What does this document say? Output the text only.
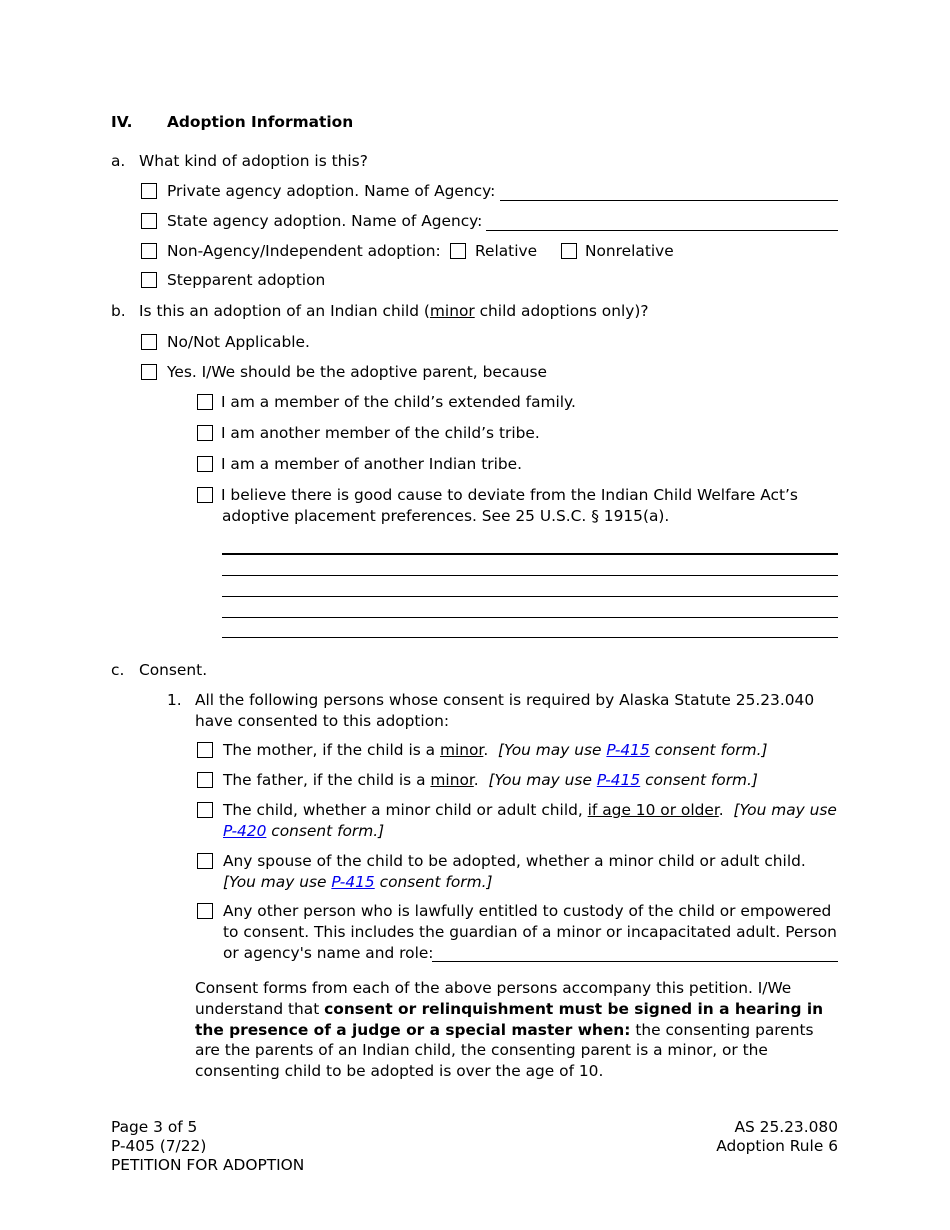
IV. Adoption Information
a. What kind of adoption is this?
Private agency adoption. Name of Agency:
State agency adoption. Name of Agency:
Non-Agency/Independent adoption: Relative	Nonrelative
Stepparent adoption
b. Is this an adoption of an Indian child (minor child adoptions only)?
No/Not Applicable.
Yes. I/We should be the adoptive parent, because
I am a member of the child’s extended family.
I am another member of the child’s tribe.
I am a member of another Indian tribe.
I believe there is good cause to deviate from the Indian Child Welfare Act’s
adoptive placement preferences. See 25 U.S.C. § 1915(a).
c. Consent.
1. All the following persons whose consent is required by Alaska Statute 25.23.040
have consented to this adoption:
The mother, if the child is a minor.  [You may use P-415 consent form.]
The father, if the child is a minor.  [You may use P-415 consent form.]
The child, whether a minor child or adult child, if age 10 or older.  [You may use
P-420 consent form.]
Any spouse of the child to be adopted, whether a minor child or adult child.
[You may use P-415 consent form.]
Any other person who is lawfully entitled to custody of the child or empowered
to consent. This includes the guardian of a minor or incapacitated adult. Person
or agency's name and role:
Consent forms from each of the above persons accompany this petition. I/We understand that consent or relinquishment must be signed in a hearing in the presence of a judge or a special master when: the consenting parents are the parents of an Indian child, the consenting parent is a minor, or the consenting child to be adopted is over the age of 10.
Page 3 of 5
P-405 (7/22)
PETITION FOR ADOPTION
AS 25.23.080
Adoption Rule 6
